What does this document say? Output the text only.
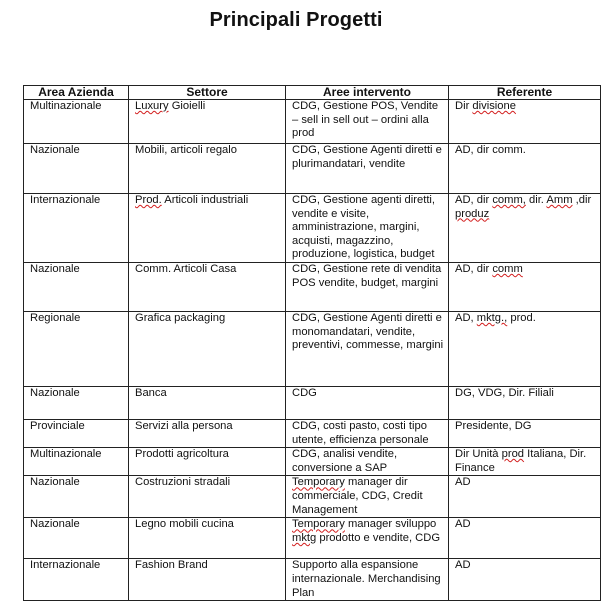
Principali Progetti
Area Azienda	Settore	Aree intervento	Referente
Multinazionale	Luxury Gioielli	CDG, Gestione POS, Vendite – sell in sell out – ordini alla prod	Dir divisione
Nazionale	Mobili, articoli regalo	CDG, Gestione Agenti diretti e plurimandatari, vendite	AD, dir comm.
Internazionale	Prod. Articoli industriali	CDG, Gestione agenti diretti, vendite e visite, amministrazione, margini, acquisti, magazzino, produzione, logistica, budget	AD, dir comm, dir. Amm ,dir produz
Nazionale	Comm. Articoli Casa	CDG, Gestione rete di vendita POS vendite, budget, margini	AD, dir comm
Regionale	Grafica packaging	CDG, Gestione Agenti diretti e monomandatari, vendite, preventivi, commesse, margini	AD, mktg., prod.
Nazionale	Banca	CDG	DG, VDG, Dir. Filiali
Provinciale	Servizi alla persona	CDG, costi pasto, costi tipo utente, efficienza personale	Presidente, DG
Multinazionale	Prodotti agricoltura	CDG, analisi vendite, conversione a SAP	Dir Unità prod Italiana, Dir. Finance
Nazionale	Costruzioni stradali	Temporary manager dir commerciale, CDG, Credit Management	AD
Nazionale	Legno mobili cucina	Temporary manager sviluppo mktg prodotto e vendite, CDG	AD
Internazionale	Fashion Brand	Supporto alla espansione internazionale. Merchandising Plan	AD
